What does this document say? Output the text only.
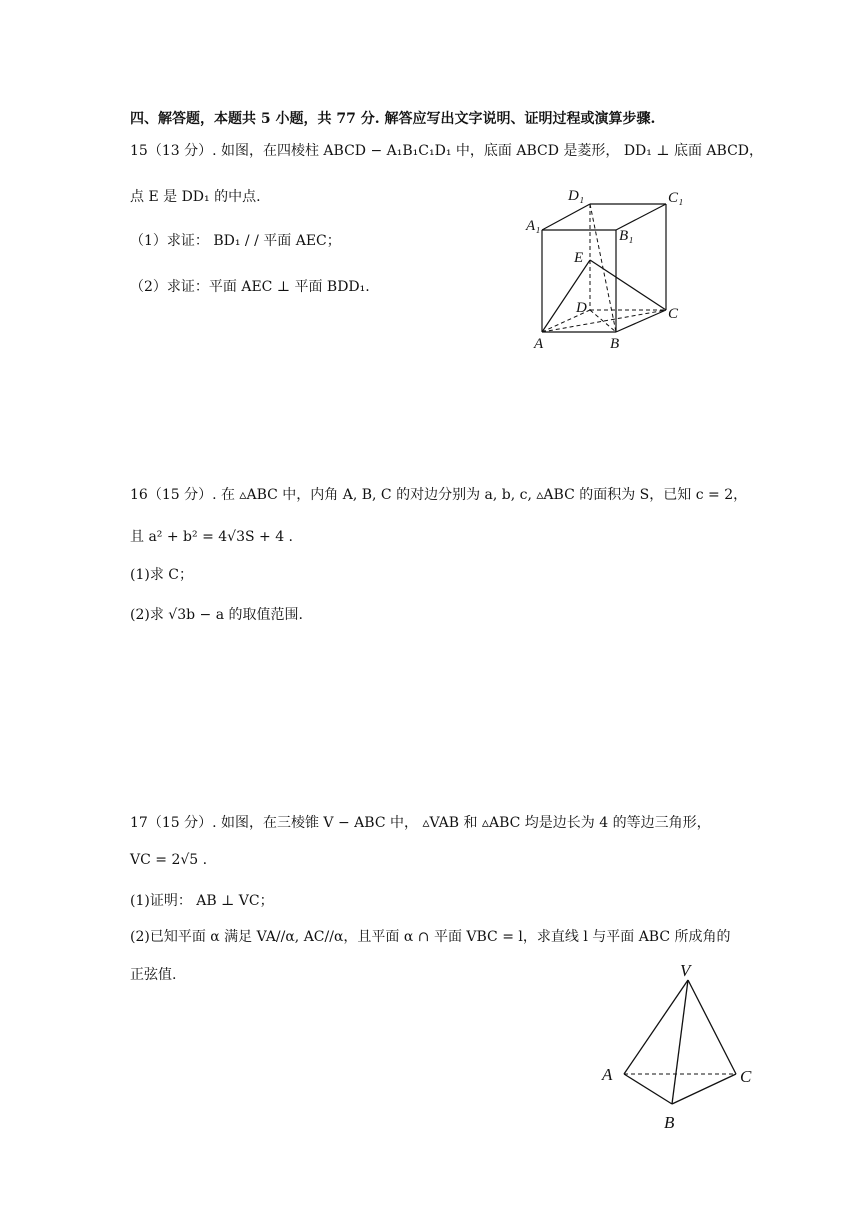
四、解答题，本题共 5 小题，共 77 分. 解答应写出文字说明、证明过程或演算步骤.
15（13 分）. 如图，在四棱柱 ABCD − A₁B₁C₁D₁ 中，底面 ABCD 是菱形， DD₁ ⊥ 底面 ABCD，
点 E 是 DD₁ 的中点.
（1）求证： BD₁ / / 平面 AEC；
（2）求证：平面 AEC ⊥ 平面 BDD₁.
D₁	C₁
A₁
B₁
E
D	C
A	B
16（15 分）. 在 ▵ABC 中，内角 A, B, C 的对边分别为 a, b, c, ▵ABC 的面积为 S，已知 c = 2，
且 a² + b² = 4√3S + 4 .
(1)求 C；
(2)求 √3b − a 的取值范围.
17（15 分）. 如图，在三棱锥 V − ABC 中， ▵VAB 和 ▵ABC 均是边长为 4 的等边三角形，
VC = 2√5 .
(1)证明： AB ⊥ VC；
(2)已知平面 α 满足 VA//α, AC//α，且平面 α ∩ 平面 VBC = l，求直线 l 与平面 ABC 所成角的
正弦值.	V
A	C
B
